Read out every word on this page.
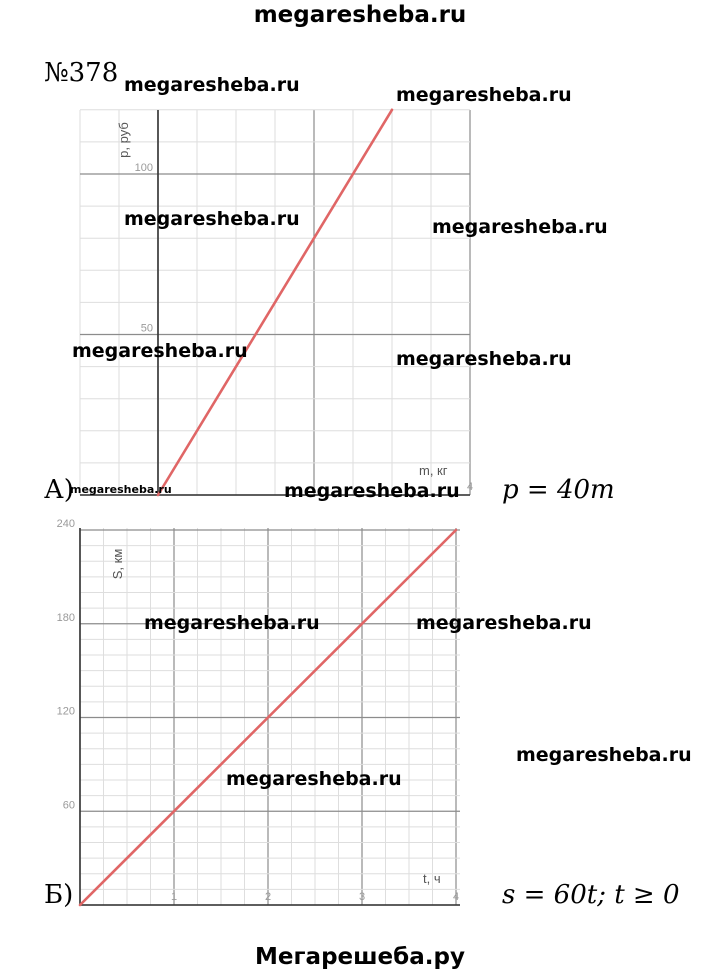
megaresheba.ru
№378
50
100
4
p, руб
m, кг
60
120
180
240
1	2	3	4
S, км
t, ч
А)	p = 40m
Б)	s = 60t; t ≥ 0
megaresheba.ru	megaresheba.ru
megaresheba.ru	megaresheba.ru
megaresheba.ru	megaresheba.ru
megaresheba.ru	megaresheba.ru
megaresheba.ru	megaresheba.ru
megaresheba.ru
megaresheba.ru
Мегарешеба.ру
